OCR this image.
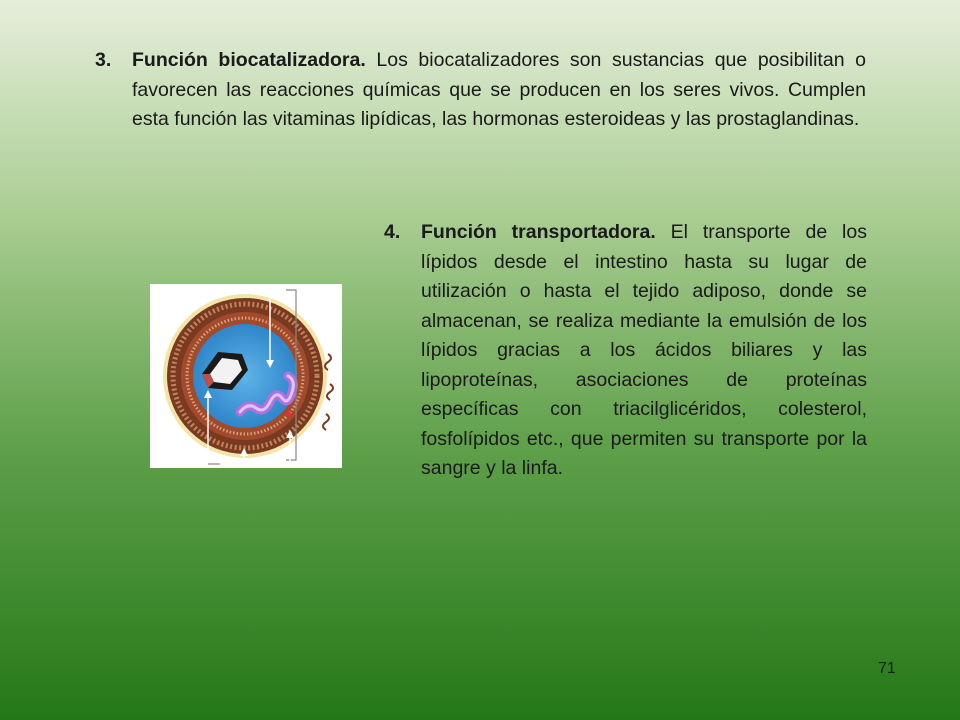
3. Función biocatalizadora. Los biocatalizadores son sustancias que posibilitan o favorecen las reacciones químicas que se producen en los seres vivos. Cumplen esta función las vitaminas lipídicas, las hormonas esteroideas y las prostaglandinas.
4. Función transportadora. El transporte de los lípidos desde el intestino hasta su lugar de utilización o hasta el tejido adiposo, donde se almacenan, se realiza mediante la emulsión de los lípidos gracias a los ácidos biliares y las lipoproteínas, asociaciones de proteínas específicas con triacilglicéridos, colesterol, fosfolípidos etc., que permiten su transporte por la sangre y la linfa.
71
